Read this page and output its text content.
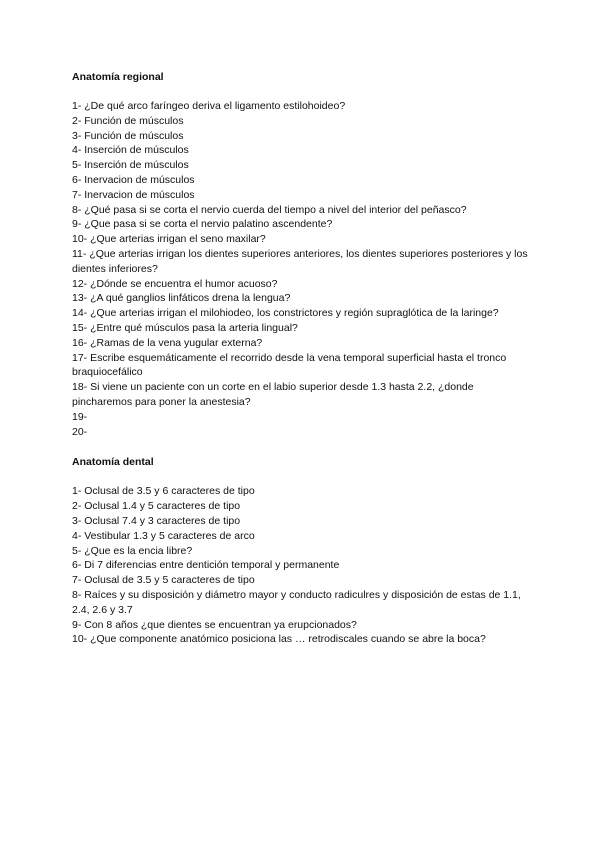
Anatomía regional
1- ¿De qué arco faríngeo deriva el ligamento estilohoideo?
2- Función de músculos
3- Función de músculos
4- Inserción de músculos
5- Inserción de músculos
6- Inervacion de músculos
7- Inervacion de músculos
8- ¿Qué pasa si se corta el nervio cuerda del tiempo a nivel del interior del peñasco?
9- ¿Que pasa si se corta el nervio palatino ascendente?
10- ¿Que arterias irrigan el seno maxilar?
11- ¿Que arterias irrigan los dientes superiores anteriores, los dientes superiores posteriores y los dientes inferiores?
12- ¿Dónde se encuentra el humor acuoso?
13- ¿A qué ganglios linfáticos drena la lengua?
14- ¿Que arterias irrigan el milohiodeo, los constrictores y región supraglótica de la laringe?
15- ¿Entre qué músculos pasa la arteria lingual?
16- ¿Ramas de la vena yugular externa?
17- Escribe esquemáticamente el recorrido desde la vena temporal superficial hasta el tronco braquiocefálico
18- Si viene un paciente con un corte en el labio superior desde 1.3 hasta 2.2, ¿donde pincharemos para poner la anestesia?
19-
20-
Anatomía dental
1- Oclusal de 3.5 y 6 caracteres de tipo
2- Oclusal 1.4 y 5 caracteres de tipo
3- Oclusal 7.4 y 3 caracteres de tipo
4- Vestibular 1.3 y 5 caracteres de arco
5- ¿Que es la encia libre?
6- Di 7 diferencias entre dentición temporal y permanente
7- Oclusal de 3.5 y 5 caracteres de tipo
8- Raíces y su disposición y diámetro mayor y conducto radiculres y disposición de estas de 1.1, 2.4, 2.6 y 3.7
9- Con 8 años ¿que dientes se encuentran ya erupcionados?
10- ¿Que componente anatómico posiciona las … retrodiscales cuando se abre la boca?
